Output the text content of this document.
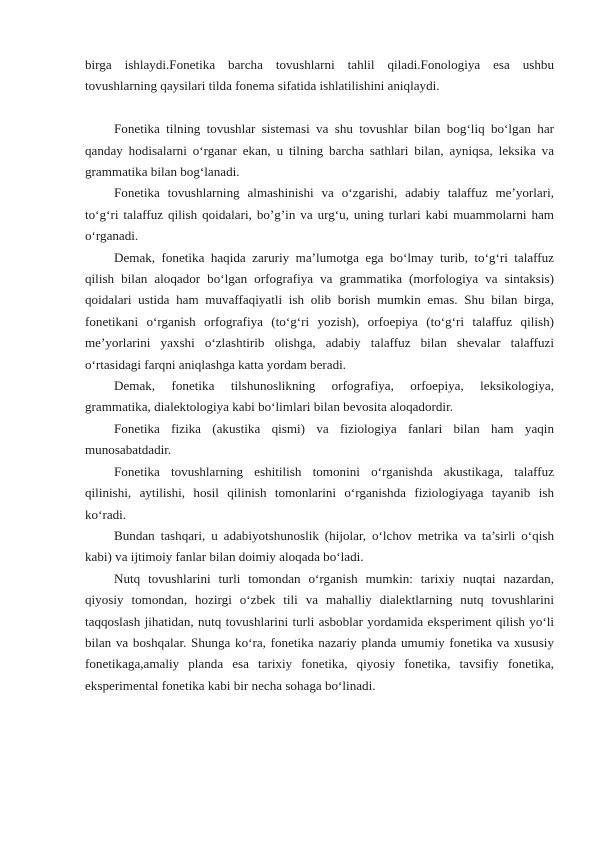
birga ishlaydi.Fonetika barcha tovushlarni tahlil qiladi.Fonologiya esa ushbu tovushlarning qaysilari tilda fonema sifatida ishlatilishini aniqlaydi.

Fonetika tilning tovushlar sistemasi va shu tovushlar bilan bog‘liq bo‘lgan har qanday hodisalarni o‘rganar ekan, u tilning barcha sathlari bilan, ayniqsa, leksika va grammatika bilan bog‘lanadi.

Fonetika tovushlarning almashinishi va o‘zgarishi, adabiy talaffuz me’yorlari, to‘g‘ri talaffuz qilish qoidalari, bo’g’in va urg‘u, uning turlari kabi muammolarni ham o‘rganadi.

Demak, fonetika haqida zaruriy ma’lumotga ega bo‘lmay turib, to‘g‘ri talaffuz qilish bilan aloqador bo‘lgan orfografiya va grammatika (morfologiya va sintaksis) qoidalari ustida ham muvaffaqiyatli ish olib borish mumkin emas. Shu bilan birga, fonetikani o‘rganish orfografiya (to‘g‘ri yozish), orfoepiya (to‘g‘ri talaffuz qilish) me’yorlarini yaxshi o‘zlashtirib olishga, adabiy talaffuz bilan shevalar talaffuzi o‘rtasidagi farqni aniqlashga katta yordam beradi.

Demak, fonetika tilshunoslikning orfografiya, orfoepiya, leksikologiya, grammatika, dialektologiya kabi bo‘limlari bilan bevosita aloqadordir.

Fonetika fizika (akustika qismi) va fiziologiya fanlari bilan ham yaqin munosabatdadir.

Fonetika tovushlarning eshitilish tomonini o‘rganishda akustikaga, talaffuz qilinishi, aytilishi, hosil qilinish tomonlarini o‘rganishda fiziologiyaga tayanib ish ko‘radi.

Bundan tashqari, u adabiyotshunoslik (hijolar, o‘lchov metrika va ta’sirli o‘qish kabi) va ijtimoiy fanlar bilan doimiy aloqada bo‘ladi.

Nutq tovushlarini turli tomondan o‘rganish mumkin: tarixiy nuqtai nazardan, qiyosiy tomondan, hozirgi o‘zbek tili va mahalliy dialektlarning nutq tovushlarini taqqoslash jihatidan, nutq tovushlarini turli asboblar yordamida eksperiment qilish yo‘li bilan va boshqalar. Shunga ko‘ra, fonetika nazariy planda umumiy fonetika va xususiy fonetikaga,amaliy planda esa tarixiy fonetika, qiyosiy fonetika, tavsifiy fonetika, eksperimental fonetika kabi bir necha sohaga bo‘linadi.
